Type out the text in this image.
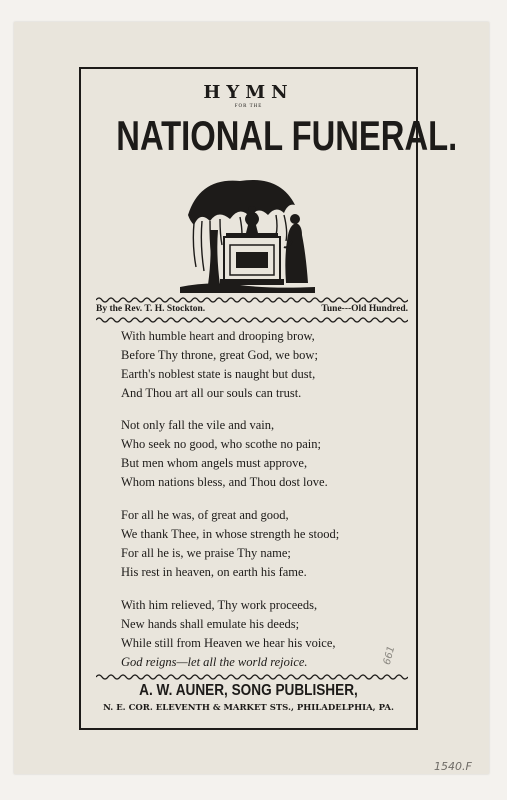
HYMN
FOR THE
NATIONAL FUNERAL.
By the Rev. T. H. Stockton.	Tune---Old Hundred.
With humble heart and drooping brow,
Before Thy throne, great God, we bow;
Earth's noblest state is naught but dust,
And Thou art all our souls can trust.
Not only fall the vile and vain,
Who seek no good, who scothe no pain;
But men whom angels must approve,
Whom nations bless, and Thou dost love.
For all he was, of great and good,
We thank Thee, in whose strength he stood;
For all he is, we praise Thy name;
His rest in heaven, on earth his fame.
With him relieved, Thy work proceeds,
New hands shall emulate his deeds;
While still from Heaven we hear his voice,
God reigns—let all the world rejoice.
A. W. AUNER, SONG PUBLISHER,
N. E. COR. ELEVENTH & MARKET STS., PHILADELPHIA, PA.
661
1540.F
